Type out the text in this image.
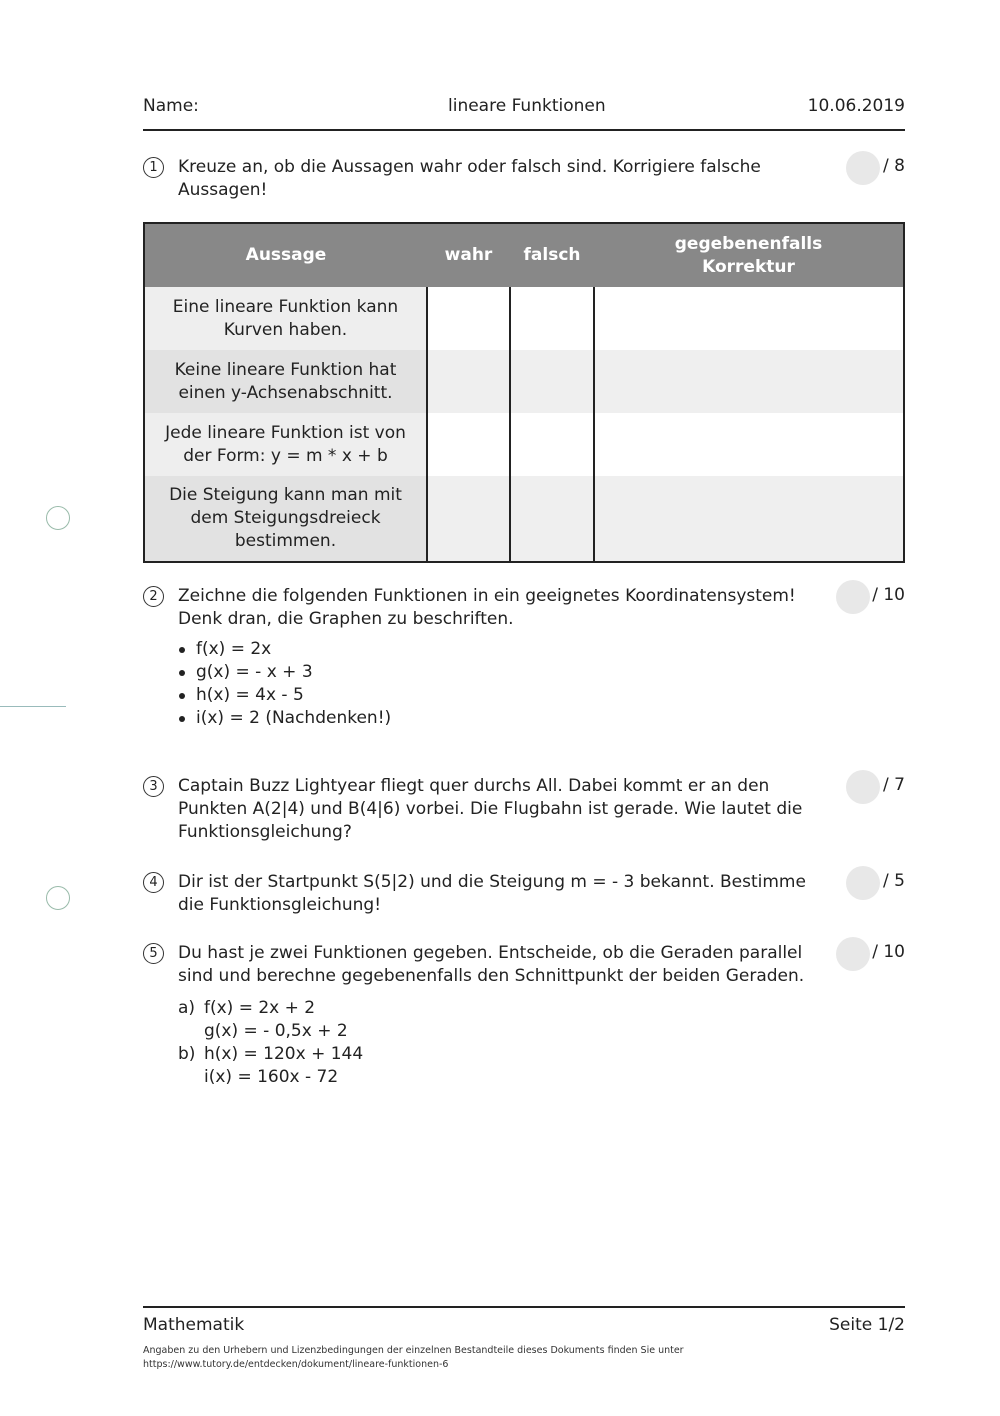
Name:	lineare Funktionen	10.06.2019
1	Kreuze an, ob die Aussagen wahr oder falsch sind. Korrigiere falsche Aussagen!
/ 8
Aussage	wahr	falsch	gegebenenfalls Korrektur
Eine lineare Funktion kann Kurven haben.			
Keine lineare Funktion hat einen y-Achsenabschnitt.			
Jede lineare Funktion ist von der Form: y = m * x + b			
Die Steigung kann man mit dem Steigungsdreieck bestimmen.			
2	Zeichne die folgenden Funktionen in ein geeignetes Koordinatensystem! Denk dran, die Graphen zu beschriften.
/ 10
f(x) = 2x
g(x) = - x + 3
h(x) = 4x - 5
i(x) = 2 (Nachdenken!)
3	Captain Buzz Lightyear fliegt quer durchs All. Dabei kommt er an den Punkten A(2|4) und B(4|6) vorbei. Die Flugbahn ist gerade. Wie lautet die Funktionsgleichung?
/ 7
4	Dir ist der Startpunkt S(5|2) und die Steigung m = - 3 bekannt. Bestimme die Funktionsgleichung!
/ 5
5	Du hast je zwei Funktionen gegeben. Entscheide, ob die Geraden parallel sind und berechne gegebenenfalls den Schnittpunkt der beiden Geraden.
/ 10
a) f(x) = 2x + 2
g(x) = - 0,5x + 2
b) h(x) = 120x + 144
i(x) = 160x - 72
Mathematik	Seite 1/2
Angaben zu den Urhebern und Lizenzbedingungen der einzelnen Bestandteile dieses Dokuments finden Sie unter
https://www.tutory.de/entdecken/dokument/lineare-funktionen-6
